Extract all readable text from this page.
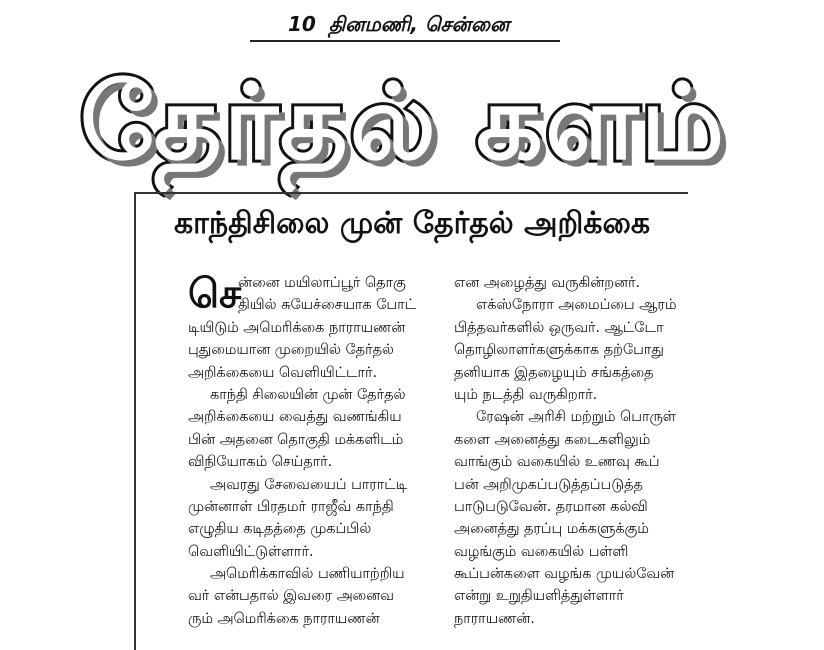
10 தினமணி, சென்னை
தேர்தல் களம்
காந்திசிலை முன் தேர்தல் அறிக்கை
செ
ன்னை மயிலாப்பூர் தொகு
தியில் சுயேச்சையாக போட்
டியிடும் அமெரிக்கை நாராயணன்
புதுமையான முறையில் தேர்தல்
அறிக்கையை வெளியிட்டார்.
காந்தி சிலையின் முன் தேர்தல்
அறிக்கையை வைத்து வணங்கிய
பின் அதனை தொகுதி மக்களிடம்
விநியோகம் செய்தார்.
அவரது சேவையைப் பாராட்டி
முன்னாள் பிரதமர் ராஜீவ் காந்தி
எழுதிய கடிதத்தை முகப்பில்
வெளியிட்டுள்ளார்.
அமெரிக்காவில் பணியாற்றிய
வர் என்பதால் இவரை அனைவ
ரும் அமெரிக்கை நாராயணன்
என அழைத்து வருகின்றனர்.
எக்ஸ்நோரா அமைப்பை ஆரம்
பித்தவர்களில் ஒருவர். ஆட்டோ
தொழிலாளர்களுக்காக தற்போது
தனியாக இதழையும் சங்கத்தை
யும் நடத்தி வருகிறார்.
ரேஷன் அரிசி மற்றும் பொருள்
களை அனைத்து கடைகளிலும்
வாங்கும் வகையில் உணவு கூப்
பன் அறிமுகப்படுத்தப்படுத்த
பாடுபடுவேன். தரமான கல்வி
அனைத்து தரப்பு மக்களுக்கும்
வழங்கும் வகையில் பள்ளி
கூப்பன்களை வழங்க முயல்வேன்
என்று உறுதியளித்துள்ளார்
நாராயணன்.
